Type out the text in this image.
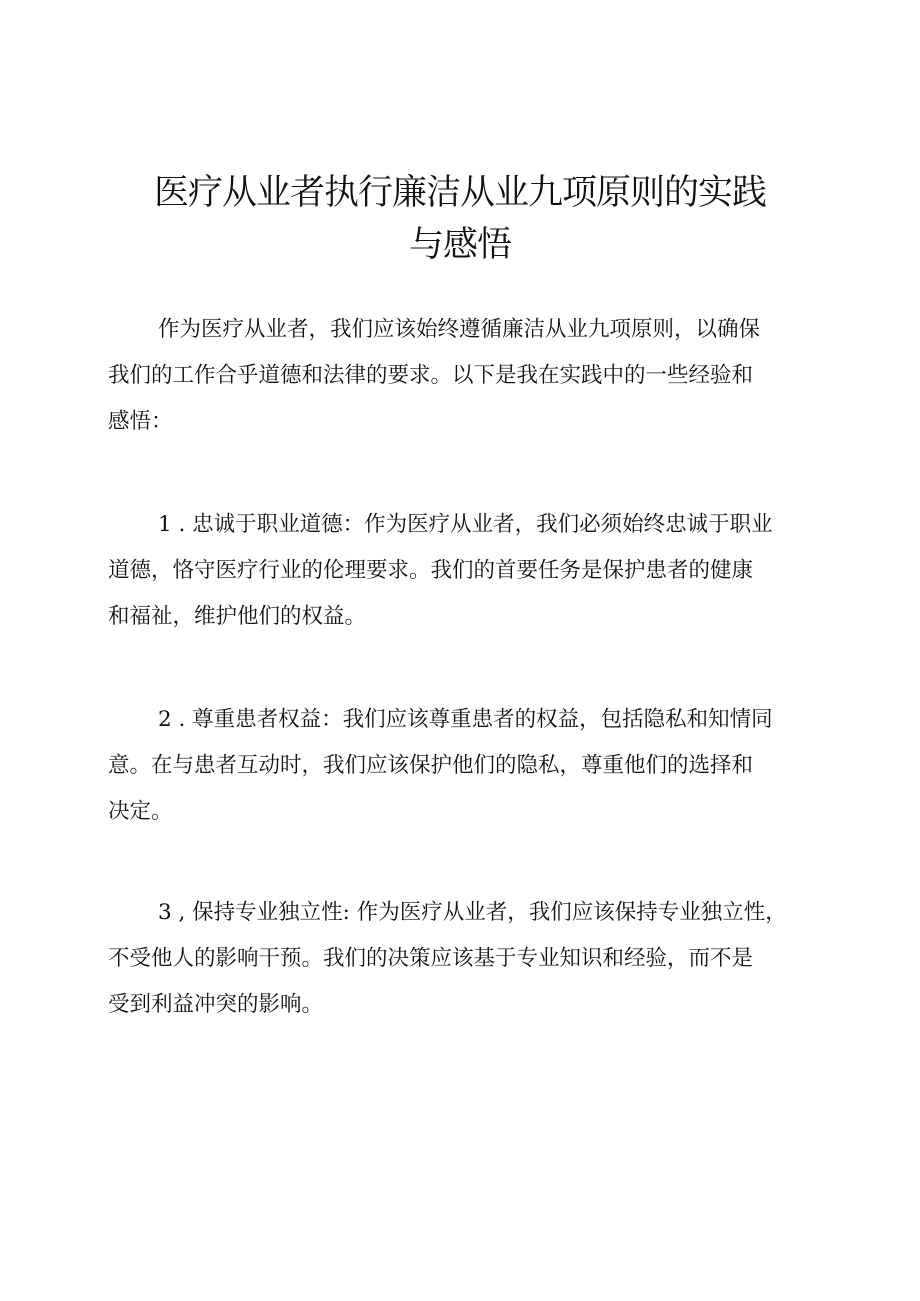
医疗从业者执行廉洁从业九项原则的实践
与感悟

作为医疗从业者，我们应该始终遵循廉洁从业九项原则，以确保
我们的工作合乎道德和法律的要求。以下是我在实践中的一些经验和
感悟：

1 . 忠诚于职业道德：作为医疗从业者，我们必须始终忠诚于职业
道德，恪守医疗行业的伦理要求。我们的首要任务是保护患者的健康
和福祉，维护他们的权益。

2 . 尊重患者权益：我们应该尊重患者的权益，包括隐私和知情同
意。在与患者互动时，我们应该保护他们的隐私，尊重他们的选择和
决定。

3 , 保持专业独立性: 作为医疗从业者，我们应该保持专业独立性，
不受他人的影响干预。我们的决策应该基于专业知识和经验，而不是
受到利益冲突的影响。
